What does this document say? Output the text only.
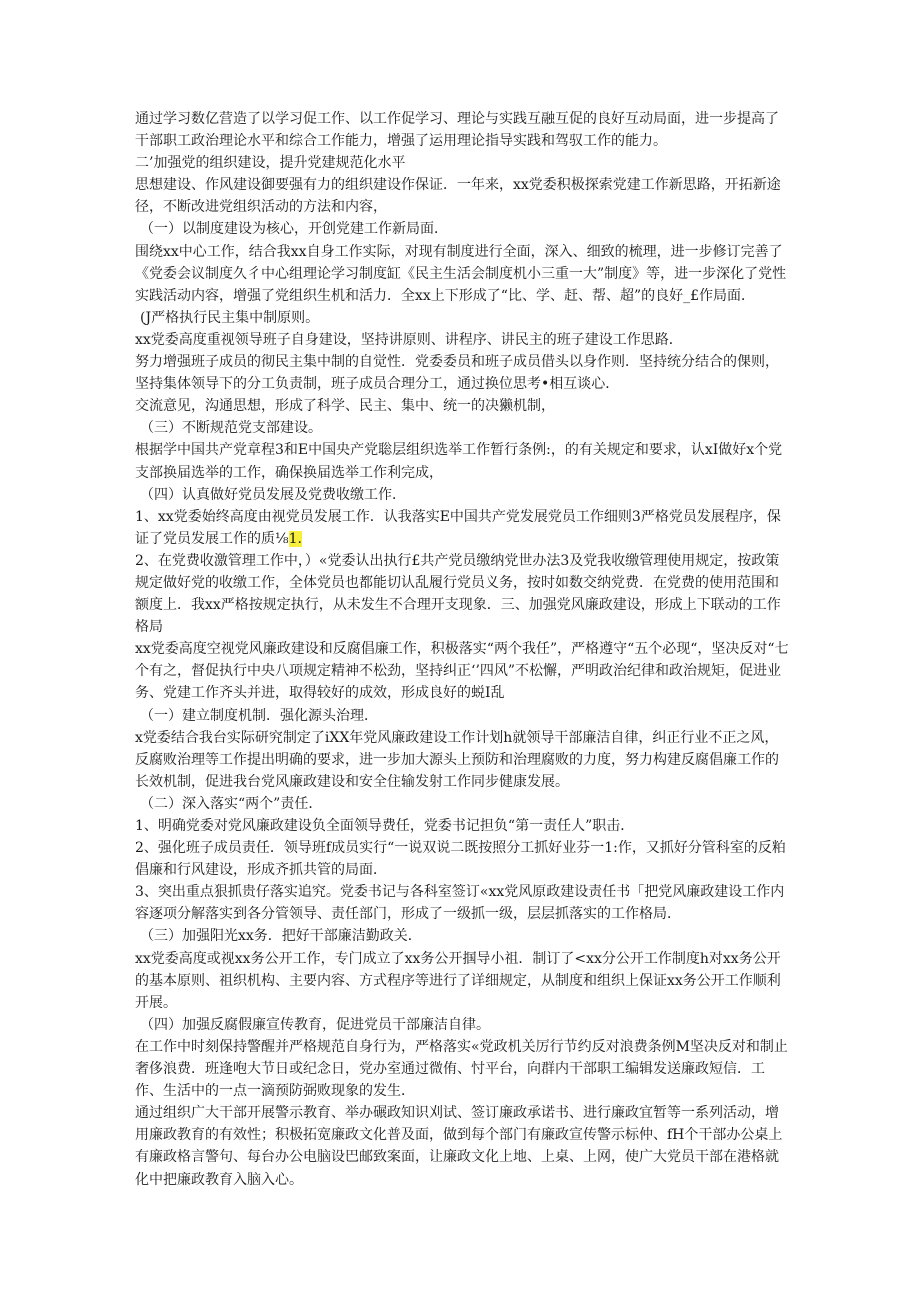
通过学习数亿营造了以学习促工作、以工作促学习、理论与实践互融互促的良好互动局面，进一步提高了干部职工政治理论水平和综合工作能力，增强了运用理论指导实践和驾驭工作的能力。

二’加强党的组织建设，提升党建规范化水平

思想建设、作风建设御要强有力的组织建设作保证．一年来，xx党委积极探索党建工作新思路，开拓新途径，不断改进党组织活动的方法和内容，

（一）以制度建设为核心，开创党建工作新局面．

围绕xx中心工作，结合我xx自身工作实际，对现有制度进行全面，深入、细致的梳理，进一步修订完善了《党委会议制度久彳中心组理论学习制度缸《民主生活会制度机小三重一大”制度》等，进一步深化了党性实践活动内容，增强了党组织生机和活力．全xx上下形成了“比、学、赶、帮、超”的良好_£作局面．

(J严格执行民主集中制原则。

xx党委高度重视领导班子自身建设，坚持讲原则、讲程序、讲民主的班子建设工作思路．

努力增强班子成员的彻民主集中制的自觉性．党委委员和班子成员借头以身作则．坚持统分结合的倮则，坚持集体领导下的分工负责制，班子成员合理分工，通过换位思考•相互谈心．

交流意见，沟通思想，形成了科学、民主、集中、统一的决獭机制，

（三）不断规范党支部建设。

根据学中国共产党章程3和E中国央产党聡层组织选举工作暂行条例:，的有关规定和要求，认xI做好x个党支部换届选举的工作，确保换届选举工作利完成，

（四）认真做好党员发展及党费收缴工作．

1、xx党委始终高度由视党员发展工作．认我落实E中国共产党发展党员工作细则3严格党员发展程序，保证了党员发展工作的质⅛1.

2、在党费收激管理工作中，）«党委认出执行£共产党员缴纳党世办法3及党我收缴管理使用规定，按政策规定做好党的收缴工作，全体党员也都能切认乱履行党员义务，按时如数交纳党费．在党费的使用范围和额度上．我xx严格按规定执行，从未发生不合理开支现象．三、加强党风廉政建设，形成上下联动的工作格局

xx党委高度空视党风廉政建设和反腐倡廉工作，积极落实“两个我任”，严格遵守“五个必现“，坚决反对“七个有之，督促执行中央八项规定精神不松劲，坚持纠正‘’四风”不松懈，严明政治纪律和政治规矩，促进业务、党建工作齐头并进，取得较好的成效，形成良好的蜕I乱

（一）建立制度机制．强化源头治理．

x党委结合我台实际研究制定了iXX年党风廉政建设工作计划h就领导干部廉洁自律，纠正行业不正之风，反腐败治理等工作提出明确的要求，进一步加大源头上预防和治理腐败的力度，努力构建反腐倡廉工作的长效机制，促进我台党风廉政建设和安全住输发射工作同步健康发展。

（二）深入落实“两个”责任．

1、明确党委对党风廉政建设负全面领导费任，党委书记担负“第一责任人”职击．

2、强化班子成员责任．领导班f成员实行“一说双说二既按照分工抓好业芬一1:作，又抓好分管科室的反粕倡廉和行风建设，形成齐抓共管的局面．

3、突出重点狠抓贵仔落实追究。党委书记与各科室签订«xx党风原政建设责任书「把党风廉政建设工作内容逐项分解落实到各分管领导、责任部门，形成了一级抓一级，层层抓落实的工作格局．

（三）加强阳光xx务．把好干部廉洁勤政关．

xx党委高度或视xx务公开工作，专门成立了xx务公开掴导小祖．制订了<xx分公开工作制度h对xx务公开的基本原则、祖织机构、主要内容、方式程序等进行了详细规定，从制度和组织上保证xx务公开工作顺利开展。

（四）加强反腐假廉宣传教育，促进党员干部廉洁自律。

在工作中时刻保持警醒并严格规范自身行为，严格落实«党政机关厉行节约反对浪费条例M坚决反对和制止奢侈浪费．班逢咆大节日或纪念日，党办室通过微侑、忖平台，向群内干部职工编辑发送廉政短信．工作、生活中的一点一滴预防弼败现象的发生．

通过组织广大干部开展警示教育、举办碾政知识刈试、签订廉政承诺书、进行廉政宜暂等一系列活动，增用廉政教育的有效性；积极拓宽廉政文化普及面，做到每个部门有廉政宣传警示标仲、fH个干部办公桌上有廉政格言警句、每台办公电脑设巴邮致案面，让廉政文化上地、上桌、上网，使广大党员干部在港格就化中把廉政教育入脑入心。
